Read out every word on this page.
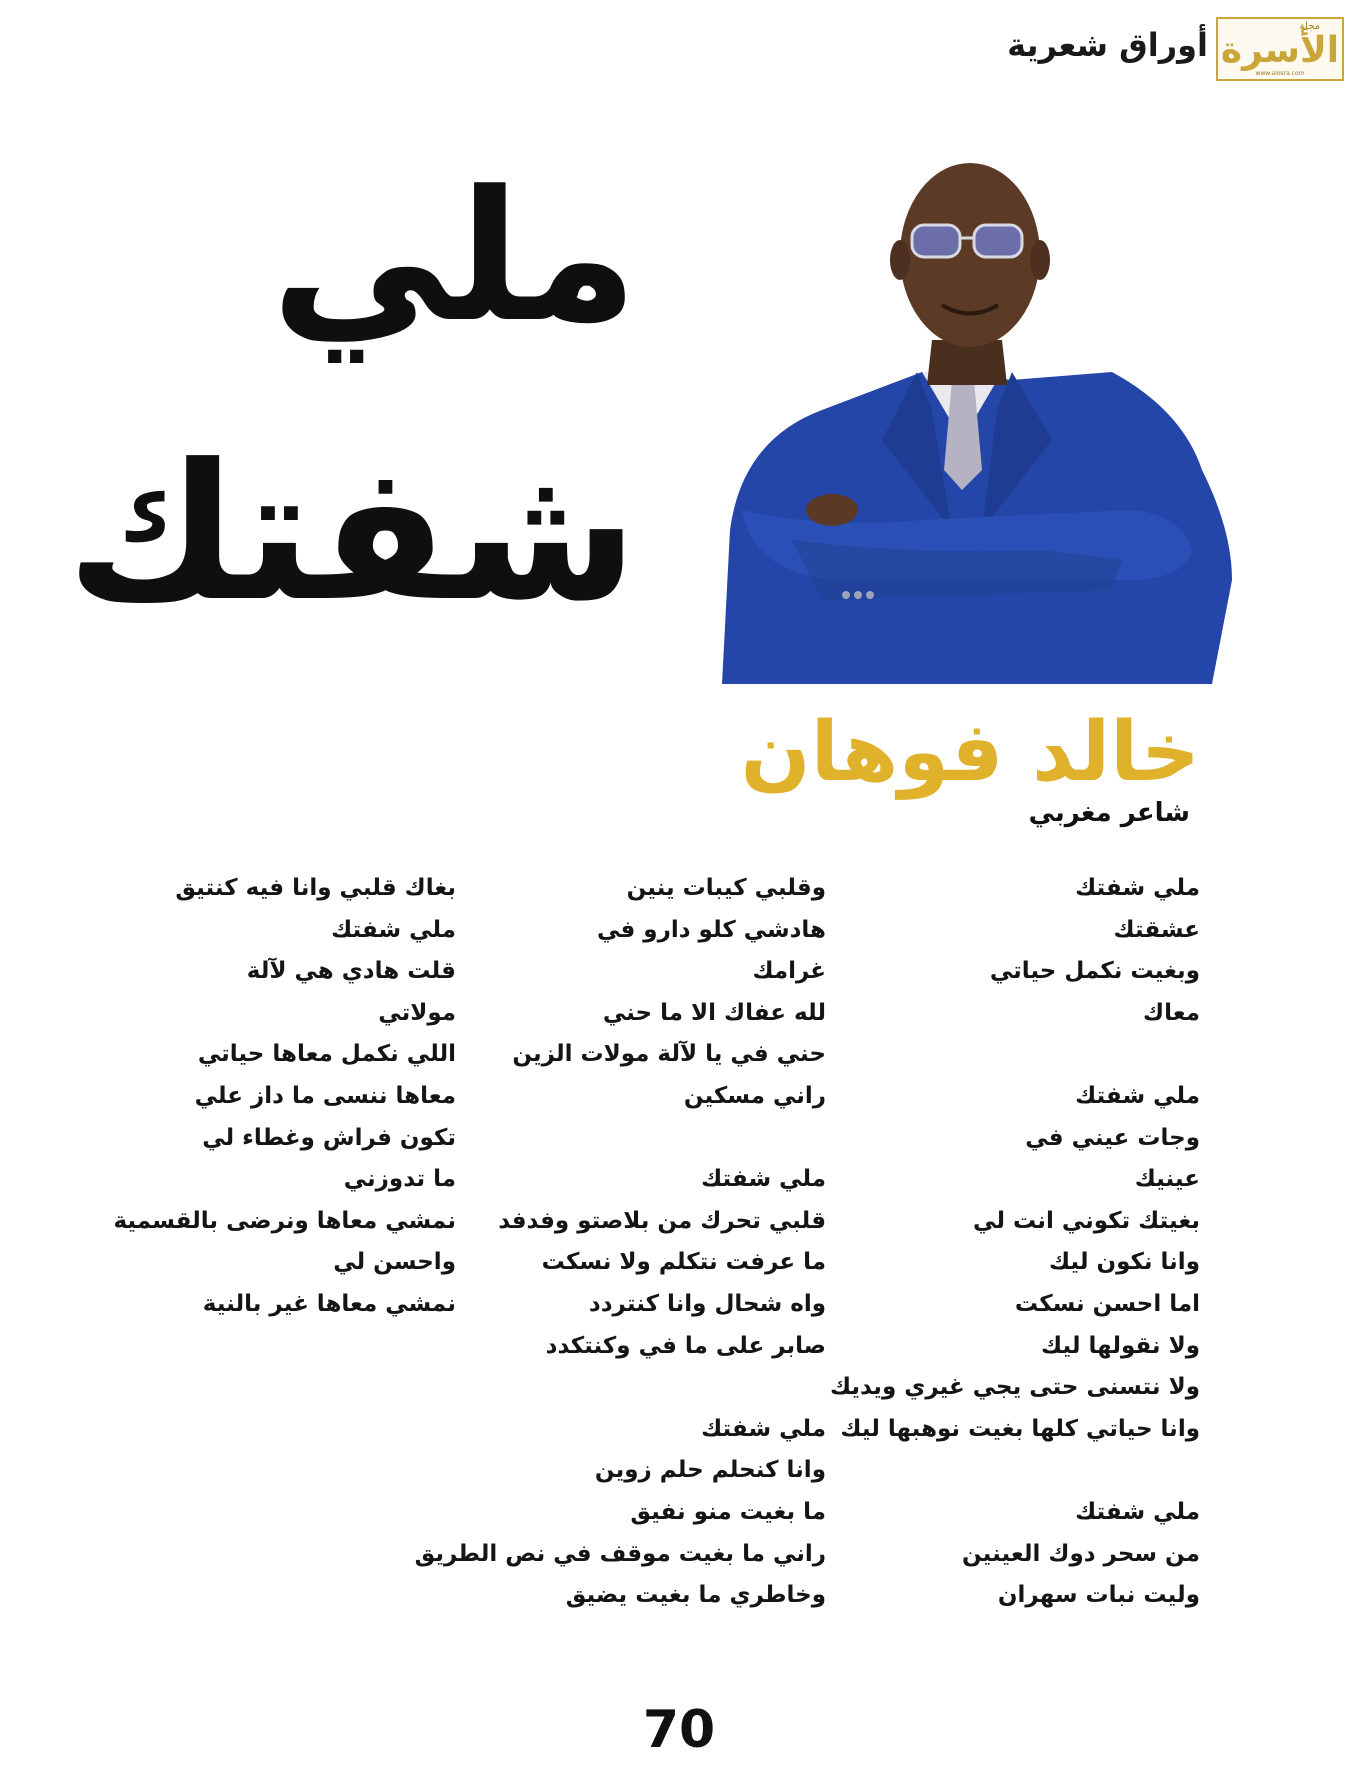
مجلة
الأسرة
www.alosra.com
أوراق شعرية
ملي
شفتك
خالد فوهان
شاعر مغربي
ملي شفتك
عشقتك
وبغيت نكمل حياتي
معاك
ملي شفتك
وجات عيني في
عينيك
بغيتك تكوني انت لي
وانا نكون ليك
اما احسن نسكت
ولا نقولها ليك
ولا نتسنى حتى يجي غيري ويديك
وانا حياتي كلها بغيت نوهبها ليك
ملي شفتك
من سحر دوك العينين
وليت نبات سهران
وقلبي كيبات ينين
هادشي كلو دارو في
غرامك
لله عفاك الا ما حني
حني في يا لآلة مولات الزين
راني مسكين
ملي شفتك
قلبي تحرك من بلاصتو وفدفد
ما عرفت نتكلم ولا نسكت
واه شحال وانا كنتردد
صابر على ما في وكنتكدد
ملي شفتك
وانا كنحلم حلم زوين
ما بغيت منو نفيق
راني ما بغيت موقف في نص الطريق
وخاطري ما بغيت يضيق
بغاك قلبي وانا فيه كنتيق
ملي شفتك
قلت هادي هي لآلة
مولاتي
اللي نكمل معاها حياتي
معاها ننسى ما داز علي
تكون فراش وغطاء لي
ما تدوزني
نمشي معاها ونرضى بالقسمية
واحسن لي
نمشي معاها غير بالنية
70
